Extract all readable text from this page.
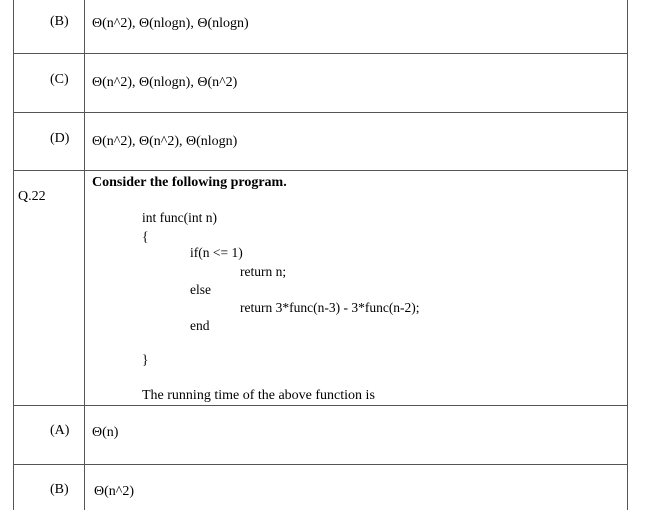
(B) Θ(n^2), Θ(nlogn), Θ(nlogn)
(C) Θ(n^2), Θ(nlogn), Θ(n^2)
(D) Θ(n^2), Θ(n^2), Θ(nlogn)
Q.22
Consider the following program.
int func(int n)
{
if(n <= 1)
return n;
else
return 3*func(n-3) - 3*func(n-2);
end
}
The running time of the above function is
(A) Θ(n)
(B) Θ(n^2)
